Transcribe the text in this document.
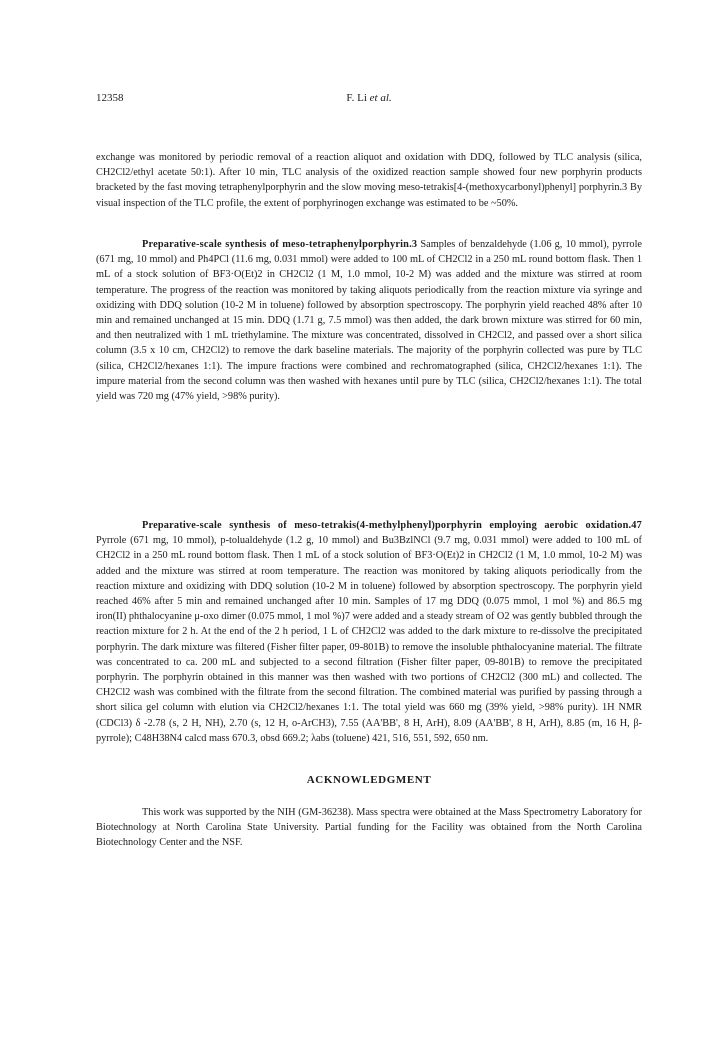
12358	F. Li et al.

exchange was monitored by periodic removal of a reaction aliquot and oxidation with DDQ, followed by TLC analysis (silica, CH2Cl2/ethyl acetate 50:1). After 10 min, TLC analysis of the oxidized reaction sample showed four new porphyrin products bracketed by the fast moving tetraphenylporphyrin and the slow moving meso-tetrakis[4-(methoxycarbonyl)phenyl] porphyrin.3 By visual inspection of the TLC profile, the extent of porphyrinogen exchange was estimated to be ~50%.

Preparative-scale synthesis of meso-tetraphenylporphyrin.3 Samples of benzaldehyde (1.06 g, 10 mmol), pyrrole (671 mg, 10 mmol) and Ph4PCl (11.6 mg, 0.031 mmol) were added to 100 mL of CH2Cl2 in a 250 mL round bottom flask. Then 1 mL of a stock solution of BF3·O(Et)2 in CH2Cl2 (1 M, 1.0 mmol, 10-2 M) was added and the mixture was stirred at room temperature. The progress of the reaction was monitored by taking aliquots periodically from the reaction mixture via syringe and oxidizing with DDQ solution (10-2 M in toluene) followed by absorption spectroscopy. The porphyrin yield reached 48% after 10 min and remained unchanged at 15 min. DDQ (1.71 g, 7.5 mmol) was then added, the dark brown mixture was stirred for 60 min, and then neutralized with 1 mL triethylamine. The mixture was concentrated, dissolved in CH2Cl2, and passed over a short silica column (3.5 x 10 cm, CH2Cl2) to remove the dark baseline materials. The majority of the porphyrin collected was pure by TLC (silica, CH2Cl2/hexanes 1:1). The impure fractions were combined and rechromatographed (silica, CH2Cl2/hexanes 1:1). The impure material from the second column was then washed with hexanes until pure by TLC (silica, CH2Cl2/hexanes 1:1). The total yield was 720 mg (47% yield, >98% purity).

Preparative-scale synthesis of meso-tetrakis(4-methylphenyl)porphyrin employing aerobic oxidation.47 Pyrrole (671 mg, 10 mmol), p-tolualdehyde (1.2 g, 10 mmol) and Bu3BzlNCl (9.7 mg, 0.031 mmol) were added to 100 mL of CH2Cl2 in a 250 mL round bottom flask. Then 1 mL of a stock solution of BF3·O(Et)2 in CH2Cl2 (1 M, 1.0 mmol, 10-2 M) was added and the mixture was stirred at room temperature. The reaction was monitored by taking aliquots periodically from the reaction mixture and oxidizing with DDQ solution (10-2 M in toluene) followed by absorption spectroscopy. The porphyrin yield reached 46% after 5 min and remained unchanged after 10 min. Samples of 17 mg DDQ (0.075 mmol, 1 mol %) and 86.5 mg iron(II) phthalocyanine μ-oxo dimer (0.075 mmol, 1 mol %)7 were added and a steady stream of O2 was gently bubbled through the reaction mixture for 2 h. At the end of the 2 h period, 1 L of CH2Cl2 was added to the dark mixture to re-dissolve the precipitated porphyrin. The dark mixture was filtered (Fisher filter paper, 09-801B) to remove the insoluble phthalocyanine material. The filtrate was concentrated to ca. 200 mL and subjected to a second filtration (Fisher filter paper, 09-801B) to remove the precipitated porphyrin. The porphyrin obtained in this manner was then washed with two portions of CH2Cl2 (300 mL) and collected. The CH2Cl2 wash was combined with the filtrate from the second filtration. The combined material was purified by passing through a short silica gel column with elution via CH2Cl2/hexanes 1:1. The total yield was 660 mg (39% yield, >98% purity). 1H NMR (CDCl3) δ -2.78 (s, 2 H, NH), 2.70 (s, 12 H, o-ArCH3), 7.55 (AA'BB', 8 H, ArH), 8.09 (AA'BB', 8 H, ArH), 8.85 (m, 16 H, β-pyrrole); C48H38N4 calcd mass 670.3, obsd 669.2; λabs (toluene) 421, 516, 551, 592, 650 nm.

ACKNOWLEDGMENT

This work was supported by the NIH (GM-36238). Mass spectra were obtained at the Mass Spectrometry Laboratory for Biotechnology at North Carolina State University. Partial funding for the Facility was obtained from the North Carolina Biotechnology Center and the NSF.
